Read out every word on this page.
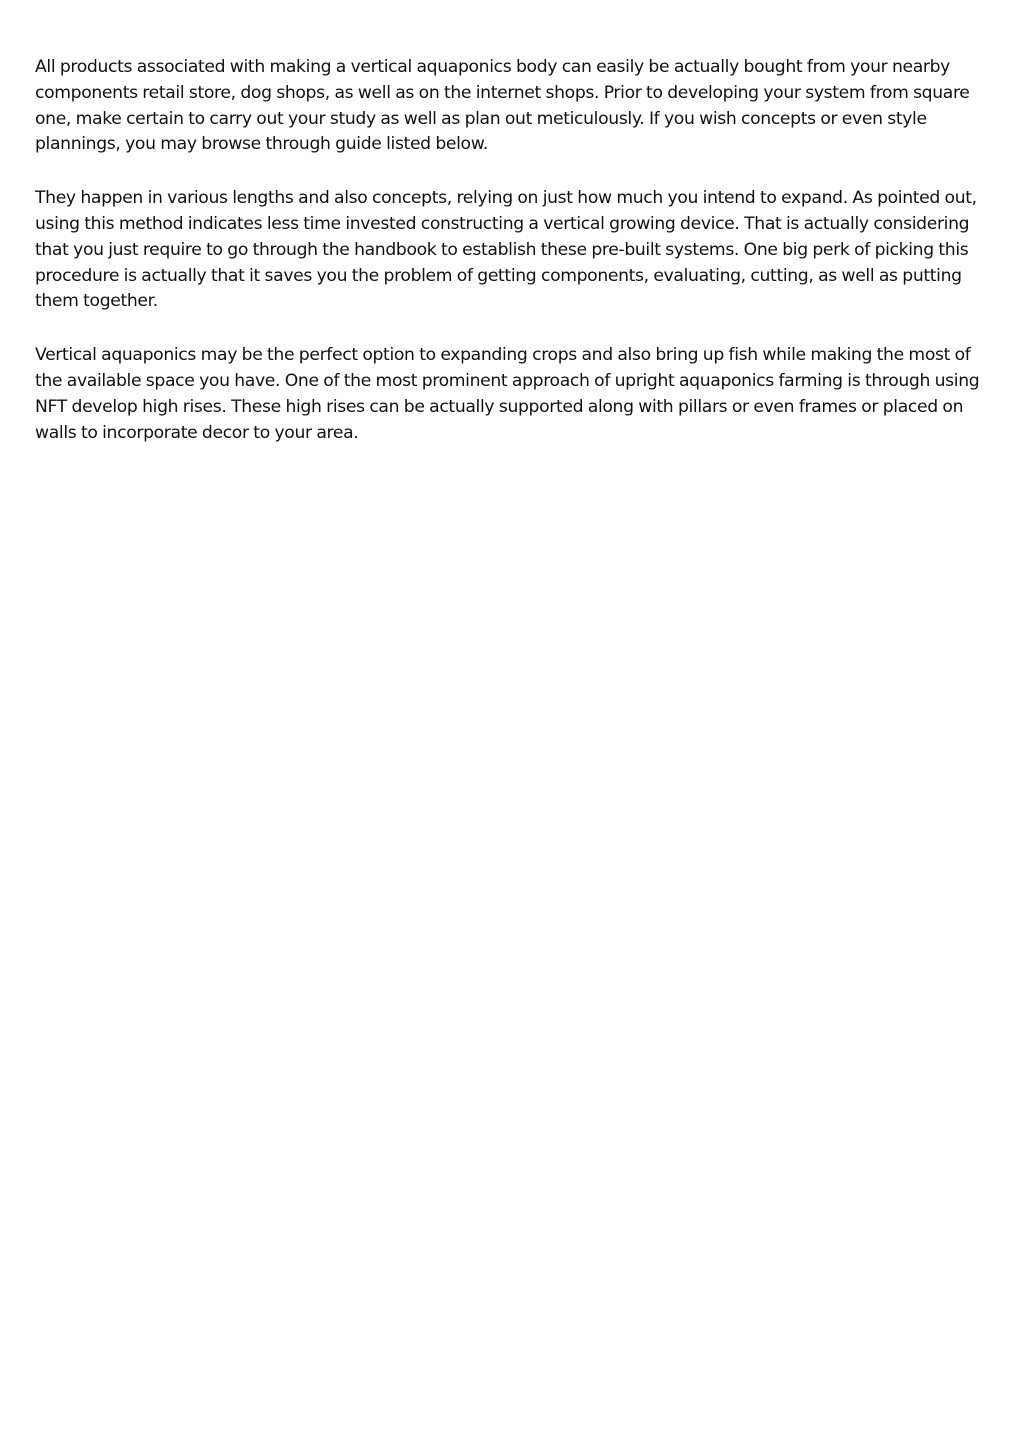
All products associated with making a vertical aquaponics body can easily be actually bought from your nearby components retail store, dog shops, as well as on the internet shops. Prior to developing your system from square one, make certain to carry out your study as well as plan out meticulously. If you wish concepts or even style plannings, you may browse through guide listed below.

They happen in various lengths and also concepts, relying on just how much you intend to expand. As pointed out, using this method indicates less time invested constructing a vertical growing device. That is actually considering that you just require to go through the handbook to establish these pre-built systems. One big perk of picking this procedure is actually that it saves you the problem of getting components, evaluating, cutting, as well as putting them together.

Vertical aquaponics may be the perfect option to expanding crops and also bring up fish while making the most of the available space you have. One of the most prominent approach of upright aquaponics farming is through using NFT develop high rises. These high rises can be actually supported along with pillars or even frames or placed on walls to incorporate decor to your area.
